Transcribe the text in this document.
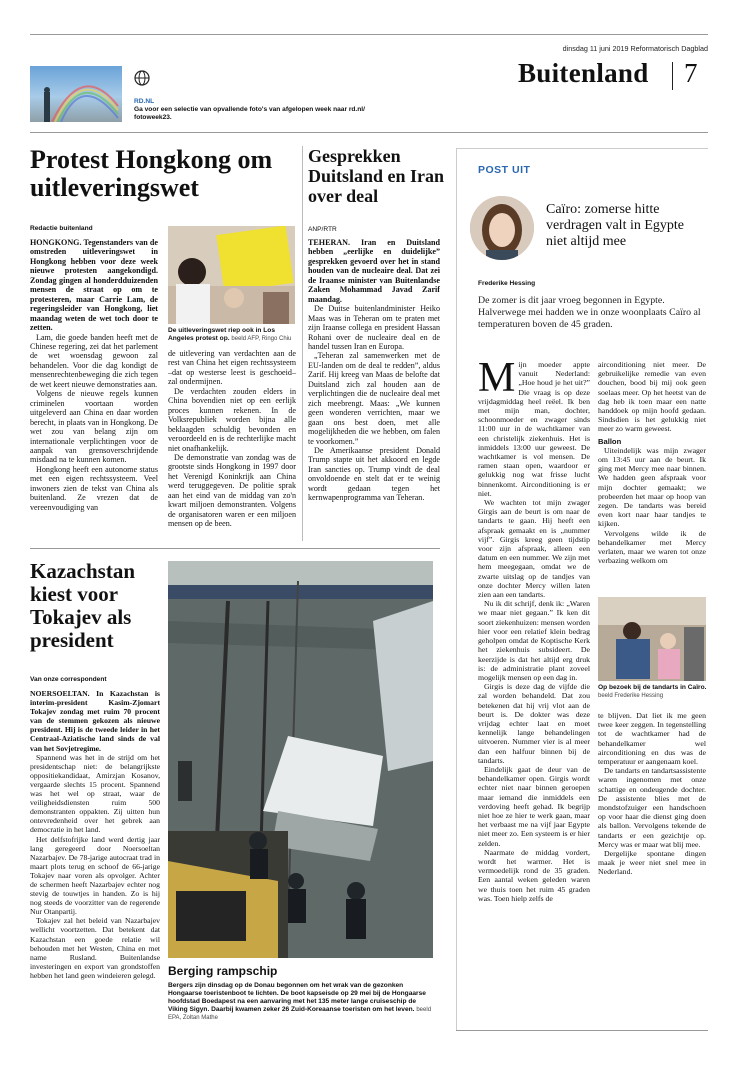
dinsdag 11 juni 2019 Reformatorisch Dagblad
Buitenland 7
RD.NL
Ga voor een selectie van opvallende foto's van afgelopen week naar rd.nl/ fotoweek23.
Protest Hongkong om uitleveringswet
Redactie buitenland

HONGKONG. Tegenstanders van de omstreden uitleveringswet in Hongkong hebben voor deze week nieuwe protesten aangekondigd. Zondag gingen al honderdduizenden mensen de straat op om te protesteren, maar Carrie Lam, de regeringsleider van Hongkong, liet maandag weten de wet toch door te zetten.

Lam, die goede banden heeft met de Chinese regering, zei dat het parlement de wet woensdag gewoon zal behandelen. Voor die dag kondigt de mensenrechtenbeweging die zich tegen de wet keert nieuwe demonstraties aan.

Volgens de nieuwe regels kunnen criminelen voortaan worden uitgeleverd aan China en daar worden berecht, in plaats van in Hongkong. De wet zou van belang zijn om internationale verplichtingen voor de aanpak van grensoverschrijdende misdaad na te kunnen komen.

Hongkong heeft een autonome status met een eigen rechtssysteem. Veel inwoners zien de tekst van China als buitenland. Ze vrezen dat de vereenvoudiging van

De uitleveringswet riep ook in Los Angeles protest op. beeld AFP, Ringo Chiu

de uitlevering van verdachten aan de rest van China het eigen rechtssysteem –dat op westerse leest is geschoeid– zal ondermijnen.

De verdachten zouden elders in China bovendien niet op een eerlijk proces kunnen rekenen. In de Volksrepubliek worden bijna alle beklaagden schuldig bevonden en veroordeeld en is de rechterlijke macht niet onafhankelijk.

De demonstratie van zondag was de grootste sinds Hongkong in 1997 door het Verenigd Koninkrijk aan China werd teruggegeven. De politie sprak aan het eind van de middag van zo'n kwart miljoen demonstranten. Volgens de organisatoren waren er een miljoen mensen op de been.

Gesprekken Duitsland en Iran over deal
ANP/RTR

TEHERAN. Iran en Duitsland hebben „eerlijke en duidelijke” gesprekken gevoerd over het in stand houden van de nucleaire deal. Dat zei de Iraanse minister van Buitenlandse Zaken Mohammad Javad Zarif maandag.

De Duitse buitenlandminister Heiko Maas was in Teheran om te praten met zijn Iraanse collega en president Hassan Rohani over de nucleaire deal en de handel tussen Iran en Europa.

„Teheran zal samenwerken met de EU-landen om de deal te redden”, aldus Zarif. Hij kreeg van Maas de belofte dat Duitsland zich zal houden aan de verplichtingen die de nucleaire deal met zich meebrengt. Maas: „We kunnen geen wonderen verrichten, maar we gaan ons best doen, met alle mogelijkheden die we hebben, om falen te voorkomen.”

De Amerikaanse president Donald Trump stapte uit het akkoord en legde Iran sancties op. Trump vindt de deal onvoldoende en stelt dat er te weinig wordt gedaan tegen het kernwapenprogramma van Teheran.

Kazachstan kiest voor Tokajev als president
Van onze correspondent

NOERSOELTAN. In Kazachstan is interim-president Kasim-Zjomart Tokajev zondag met ruim 70 procent van de stemmen gekozen als nieuwe president. Hij is de tweede leider in het Centraal-Aziatische land sinds de val van het Sovjetregime.

Spannend was het in de strijd om het presidentschap niet: de belangrijkste oppositiekandidaat, Amirzjan Kosanov, vergaarde slechts 15 procent. Spannend was het wel op straat, waar de veiligheidsdiensten ruim 500 demonstranten oppakten. Zij uitten hun ontevredenheid over het gebrek aan democratie in het land.

Het delfstofrijke land werd dertig jaar lang geregeerd door Noersoeltan Nazarbajev. De 78-jarige autocraat trad in maart plots terug en schoof de 66-jarige Tokajev naar voren als opvolger. Achter de schermen heeft Nazarbajev echter nog stevig de touwtjes in handen. Zo is hij nog steeds de voorzitter van de regerende Nur Otanpartij.

Tokajev zal het beleid van Nazarbajev wellicht voortzetten. Dat betekent dat Kazachstan een goede relatie wil behouden met het Westen, China en met name Rusland. Buitenlandse investeringen en export van grondstoffen hebben het land geen windeieren gelegd.	Berging rampschip
Bergers zijn dinsdag op de Donau begonnen om het wrak van de gezonken Hongaarse toeristenboot te lichten. De boot kapseisde op 29 mei bij de Hongaarse hoofdstad Boedapest na een aanvaring met het 135 meter lange cruiseschip de Viking Sigyn. Daarbij kwamen zeker 26 Zuid-Koreaanse toeristen om het leven. beeld EPA, Zoltan Mathe
POST UIT
Caïro: zomerse hitte verdragen valt in Egypte niet altijd mee
Frederike Hessing
De zomer is dit jaar vroeg begonnen in Egypte. Halverwege mei hadden we in onze woonplaats Caïro al temperaturen boven de 45 graden.

Mijn moeder appte vanuit Nederland: „Hoe houd je het uit?” Die vraag is op deze vrijdagmiddag heel reëel. Ik ben met mijn man, dochter, schoonmoeder en zwager sinds 11:00 uur in de wachtkamer van een christelijk ziekenhuis. Het is inmiddels 13:00 uur geweest. De wachtkamer is vol mensen. De ramen staan open, waardoor er gelukkig nog wat frisse lucht binnenkomt. Airconditioning is er niet.

We wachten tot mijn zwager Girgis aan de beurt is om naar de tandarts te gaan. Hij heeft een afspraak gemaakt en is „nummer vijf”. Girgis kreeg geen tijdstip voor zijn afspraak, alleen een datum en een nummer. We zijn met hem meegegaan, omdat we de zwarte uitslag op de tandjes van onze dochter Mercy willen laten zien aan een tandarts.

Nu ik dit schrijf, denk ik: „Waren we maar niet gegaan.” Ik ken dit soort ziekenhuizen: mensen worden hier voor een relatief klein bedrag geholpen omdat de Koptische Kerk het ziekenhuis subsideert. De keerzijde is dat het altijd erg druk is: de administratie plant zoveel mogelijk mensen op een dag in.

Girgis is deze dag de vijfde die zal worden behandeld. Dat zou betekenen dat hij vrij vlot aan de beurt is. De dokter was deze vrijdag echter laat en moet kennelijk lange behandelingen uitvoeren. Nummer vier is al meer dan een halfuur binnen bij de tandarts.

Eindelijk gaat de deur van de behandelkamer open. Girgis wordt echter niet naar binnen geroepen maar iemand die inmiddels een verdoving heeft gehad. Ik begrijp niet hoe ze hier te werk gaan, maar het verbaast me na vijf jaar Egypte niet meer zo. Een systeem is er hier zelden.

Naarmate de middag vordert, wordt het warmer. Het is vermoedelijk rond de 35 graden. Een aantal weken geleden waren we thuis toen het ruim 45 graden was. Toen hielp zelfs de

airconditioning niet meer. De gebruikelijke remedie van even douchen, bood bij mij ook geen soelaas meer. Op het heetst van de dag heb ik toen maar een natte handdoek op mijn hoofd gedaan. Sindsdien is het gelukkig niet meer zo warm geweest.

Ballon

Uiteindelijk was mijn zwager om 13:45 uur aan de beurt. Ik ging met Mercy mee naar binnen. We hadden geen afspraak voor mijn dochter gemaakt; we probeerden het maar op hoop van zegen. De tandarts was bereid even kort naar haar tandjes te kijken.

Vervolgens wilde ik de behandelkamer met Mercy verlaten, maar we waren tot onze verbazing welkom om

Op bezoek bij de tandarts in Caïro. beeld Frederike Hessing

te blijven. Dat liet ik me geen twee keer zeggen. In tegenstelling tot de wachtkamer had de behandelkamer wel airconditioning en dus was de temperatuur er aangenaam koel.

De tandarts en tandartsassistente waren ingenomen met onze schattige en ondeugende dochter. De assistente blies met de mondstofzuiger een handschoen op voor haar die dienst ging doen als ballon. Vervolgens tekende de tandarts er een gezichtje op. Mercy was er maar wat blij mee.

Dergelijke spontane dingen maak je weer niet snel mee in Nederland.
